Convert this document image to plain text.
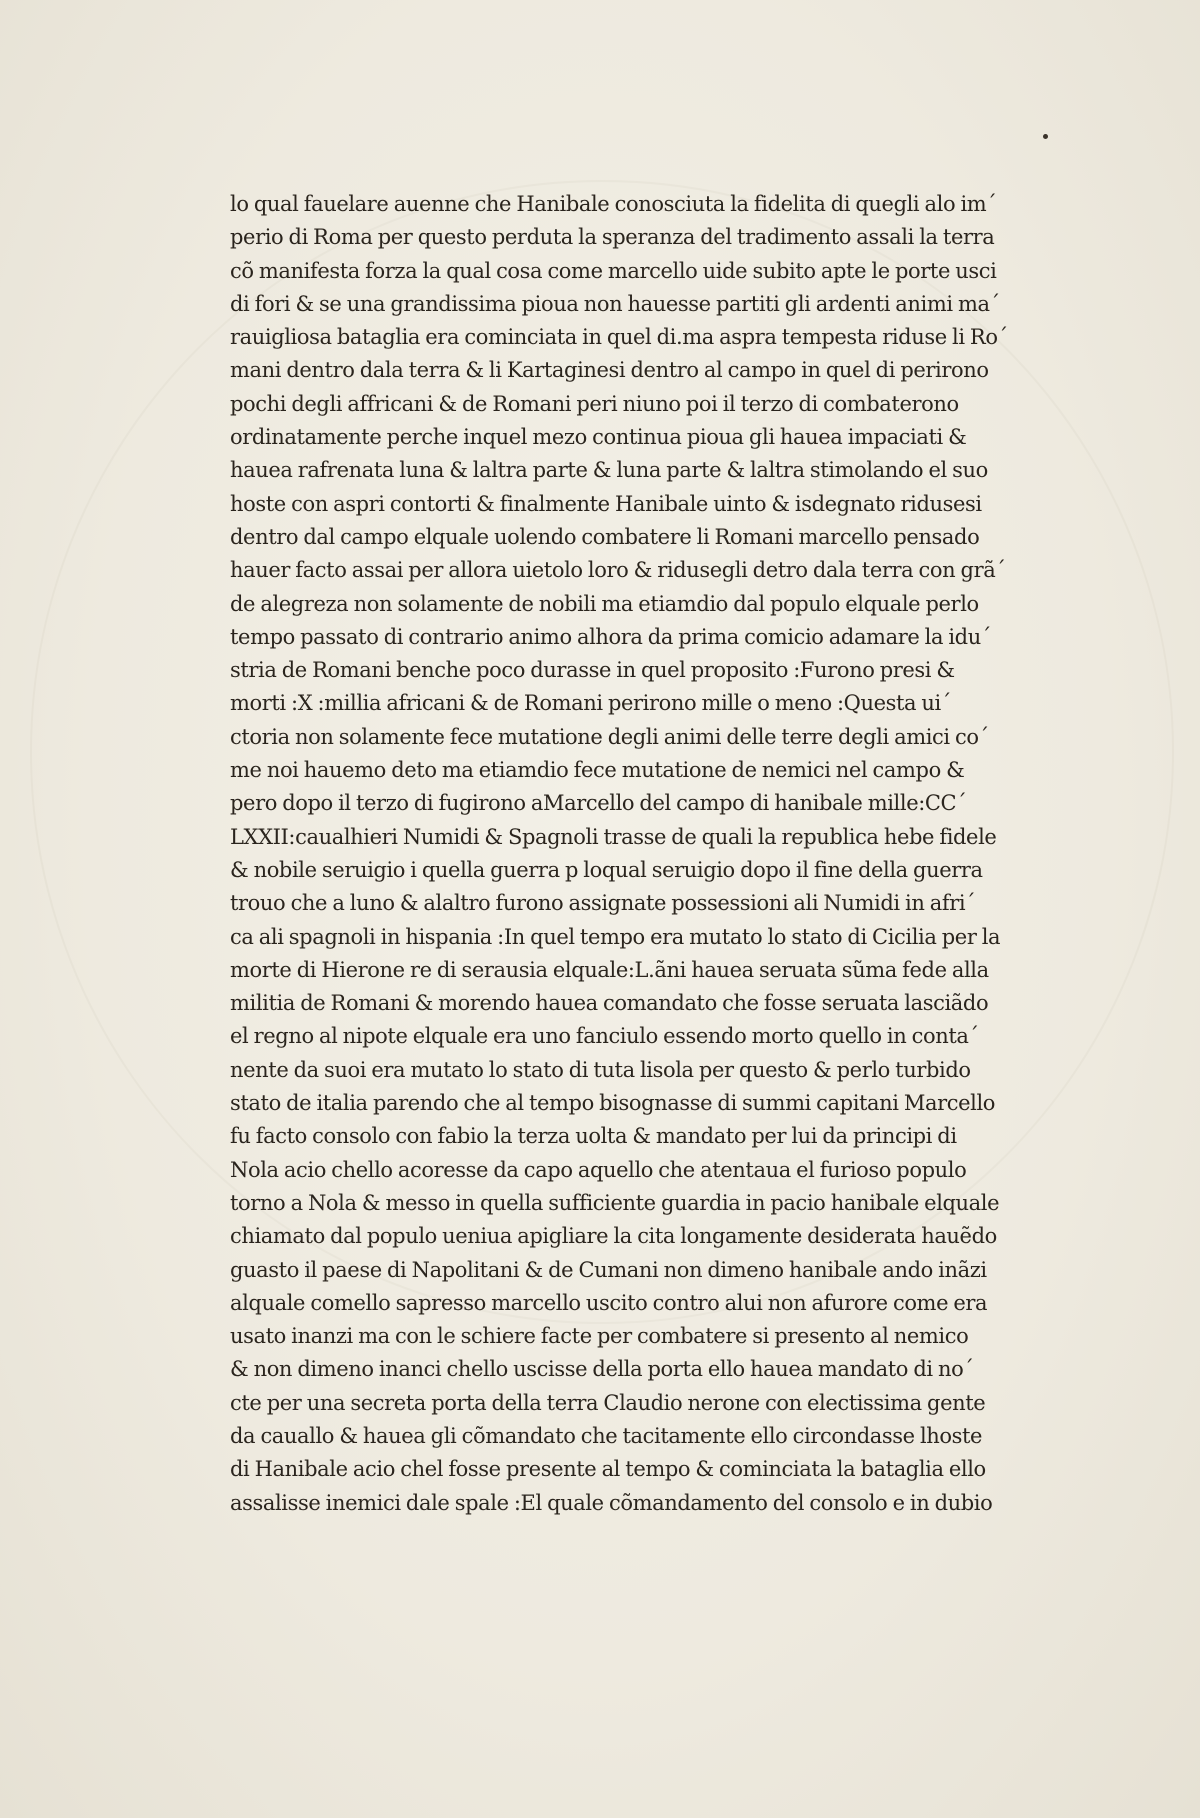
lo qual fauelare auenne che Hanibale conosciuta la fidelita di quegli alo im´
perio di Roma per questo perduta la speranza del tradimento assali la terra
cõ manifesta forza la qual cosa come marcello uide subito apte le porte usci
di fori & se una grandissima pioua non hauesse partiti gli ardenti animi ma´
rauigliosa bataglia era cominciata in quel di.ma aspra tempesta riduse li Ro´
mani dentro dala terra & li Kartaginesi dentro al campo in quel di perirono
pochi degli affricani & de Romani peri niuno poi il terzo di combaterono
ordinatamente perche inquel mezo continua pioua gli hauea impaciati &
hauea rafrenata luna & laltra parte & luna parte & laltra stimolando el suo
hoste con aspri contorti & finalmente Hanibale uinto & isdegnato ridusesi
dentro dal campo elquale uolendo combatere li Romani marcello pensado
hauer facto assai per allora uietolo loro & ridusegli detro dala terra con grã´
de alegreza non solamente de nobili ma etiamdio dal populo elquale perlo
tempo passato di contrario animo alhora da prima comicio adamare la idu´
stria de Romani benche poco durasse in quel proposito :Furono presi &
morti :X :millia africani & de Romani perirono mille o meno :Questa ui´
ctoria non solamente fece mutatione degli animi delle terre degli amici co´
me noi hauemo deto ma etiamdio fece mutatione de nemici nel campo &
pero dopo il terzo di fugirono aMarcello del campo di hanibale mille:CC´
LXXII:caualhieri Numidi & Spagnoli trasse de quali la republica hebe fidele
& nobile seruigio i quella guerra p loqual seruigio dopo il fine della guerra
trouo che a luno & alaltro furono assignate possessioni ali Numidi in afri´
ca ali spagnoli in hispania :In quel tempo era mutato lo stato di Cicilia per la
morte di Hierone re di serausia elquale:L.ãni hauea seruata sũma fede alla
militia de Romani & morendo hauea comandato che fosse seruata lasciãdo
el regno al nipote elquale era uno fanciulo essendo morto quello in conta´
nente da suoi era mutato lo stato di tuta lisola per questo & perlo turbido
stato de italia parendo che al tempo bisognasse di summi capitani Marcello
fu facto consolo con fabio la terza uolta & mandato per lui da principi di
Nola acio chello acoresse da capo aquello che atentaua el furioso populo
torno a Nola & messo in quella sufficiente guardia in pacio hanibale elquale
chiamato dal populo ueniua apigliare la cita longamente desiderata hauẽdo
guasto il paese di Napolitani & de Cumani non dimeno hanibale ando inãzi
alquale comello sapresso marcello uscito contro alui non afurore come era
usato inanzi ma con le schiere facte per combatere si presento al nemico
& non dimeno inanci chello uscisse della porta ello hauea mandato di no´
cte per una secreta porta della terra Claudio nerone con electissima gente
da cauallo & hauea gli cõmandato che tacitamente ello circondasse lhoste
di Hanibale acio chel fosse presente al tempo & cominciata la bataglia ello
assalisse inemici dale spale :El quale cõmandamento del consolo e in dubio
